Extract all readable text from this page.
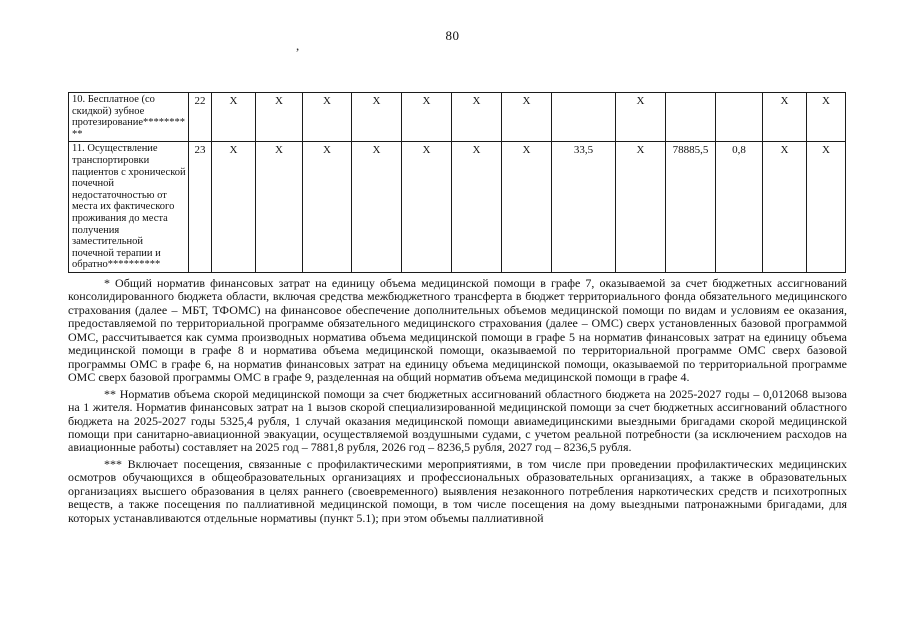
80
,
10. Бесплатное (со скидкой) зубное протезирование**********	22	X	X	X	X	X	X	X		X			X	X
11. Осуществление транспортировки пациентов с хронической почечной недостаточностью от места их фактического проживания до места получения заместительной почечной терапии и обратно**********	23	X	X	X	X	X	X	X	33,5	X	78885,5	0,8	X	X

* Общий норматив финансовых затрат на единицу объема медицинской помощи в графе 7, оказываемой за счет бюджетных ассигнований консолидированного бюджета области, включая средства межбюджетного трансферта в бюджет территориального фонда обязательного медицинского страхования (далее – МБТ, ТФОМС) на финансовое обеспечение дополнительных объемов медицинской помощи по видам и условиям ее оказания, предоставляемой по территориальной программе обязательного медицинского страхования (далее – ОМС) сверх установленных базовой программой ОМС, рассчитывается как сумма производных норматива объема медицинской помощи в графе 5 на норматив финансовых затрат на единицу объема медицинской помощи в графе 8 и норматива объема медицинской помощи, оказываемой по территориальной программе ОМС сверх базовой программы ОМС в графе 6, на норматив финансовых затрат на единицу объема медицинской помощи, оказываемой по территориальной программе ОМС сверх базовой программы ОМС в графе 9, разделенная на общий норматив объема медицинской помощи в графе 4.

** Норматив объема скорой медицинской помощи за счет бюджетных ассигнований областного бюджета на 2025-2027 годы – 0,012068 вызова на 1 жителя. Норматив финансовых затрат на 1 вызов скорой специализированной медицинской помощи за счет бюджетных ассигнований областного бюджета на 2025-2027 годы 5325,4 рубля, 1 случай оказания медицинской помощи авиамедицинскими выездными бригадами скорой медицинской помощи при санитарно-авиационной эвакуации, осуществляемой воздушными судами, с учетом реальной потребности (за исключением расходов на авиационные работы) составляет на 2025 год – 7881,8 рубля, 2026 год – 8236,5 рубля, 2027 год – 8236,5 рубля.

*** Включает посещения, связанные с профилактическими мероприятиями, в том числе при проведении профилактических медицинских осмотров обучающихся в общеобразовательных организациях и профессиональных образовательных организациях, а также в образовательных организациях высшего образования в целях раннего (своевременного) выявления незаконного потребления наркотических средств и психотропных веществ, а также посещения по паллиативной медицинской помощи, в том числе посещения на дому выездными патронажными бригадами, для которых устанавливаются отдельные нормативы (пункт 5.1); при этом объемы паллиативной
